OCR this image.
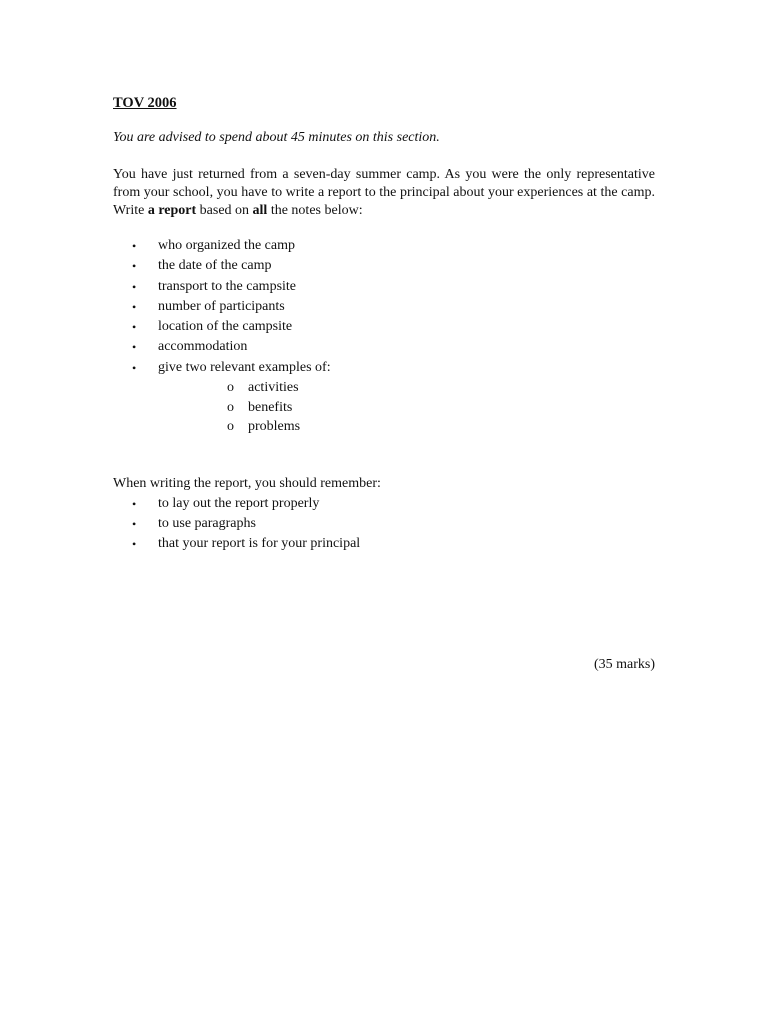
TOV 2006

You are advised to spend about 45 minutes on this section.

You have just returned from a seven-day summer camp. As you were the only representative from your school, you have to write a report to the principal about your experiences at the camp. Write a report based on all the notes below:

• who organized the camp
• the date of the camp
• transport to the campsite
• number of participants
• location of the campsite
• accommodation
• give two relevant examples of:
o activities
o benefits
o problems

When writing the report, you should remember:

• to lay out the report properly
• to use paragraphs
• that your report is for your principal
(35 marks)
